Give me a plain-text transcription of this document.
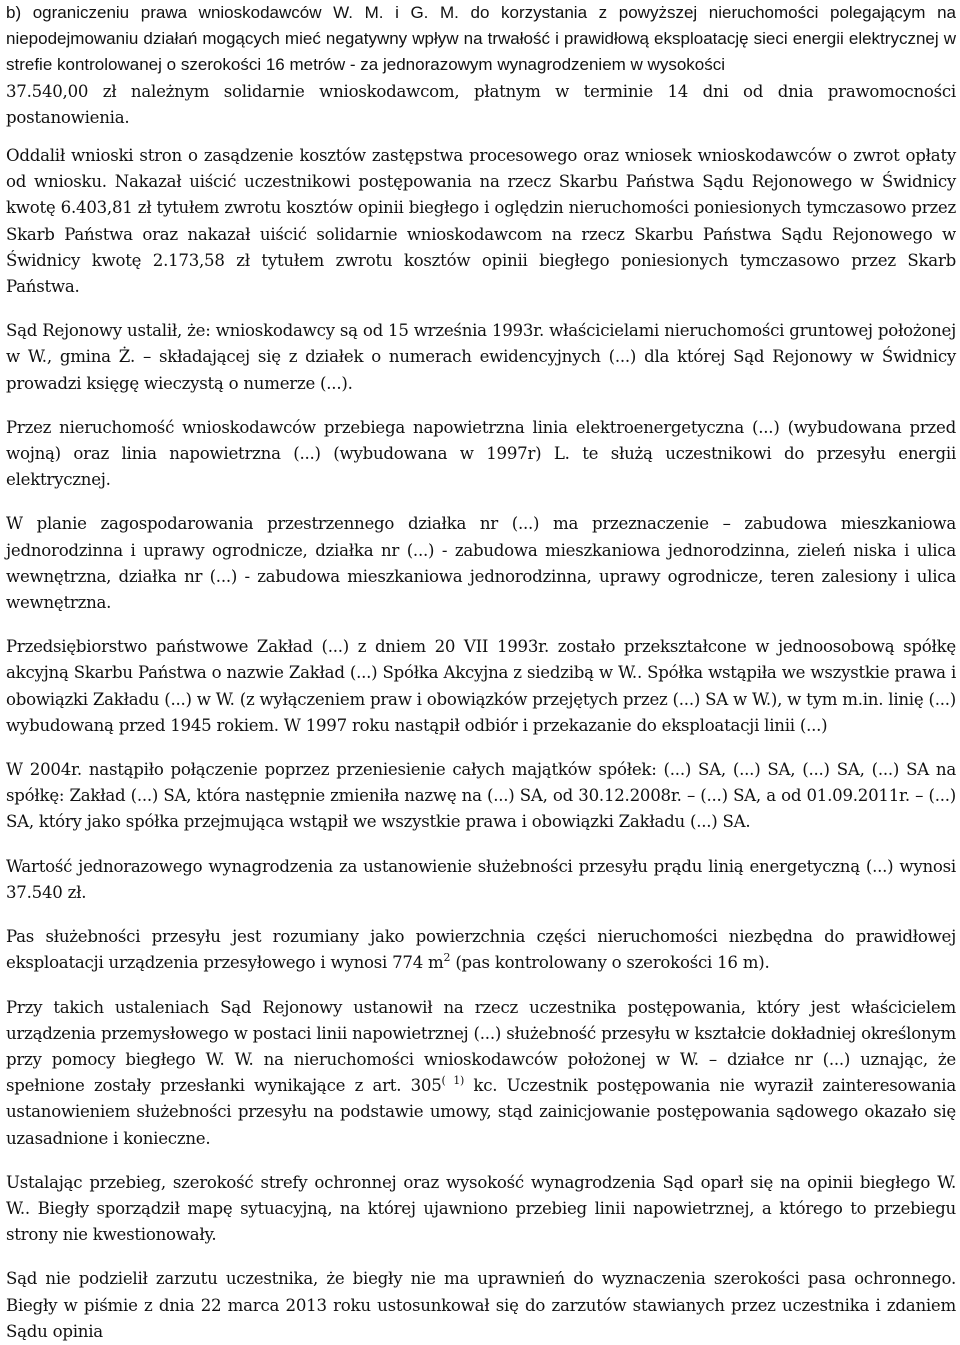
b) ograniczeniu prawa wnioskodawców W. M. i G. M. do korzystania z powyższej nieruchomości polegającym na niepodejmowaniu działań mogących mieć negatywny wpływ na trwałość i prawidłową eksploatację sieci energii elektrycznej w strefie kontrolowanej o szerokości 16 metrów - za jednorazowym wynagrodzeniem w wysokości

37.540,00 zł należnym solidarnie wnioskodawcom, płatnym w terminie 14 dni od dnia prawomocności postanowienia.

Oddalił wnioski stron o zasądzenie kosztów zastępstwa procesowego oraz wniosek wnioskodawców o zwrot opłaty od wniosku. Nakazał uiścić uczestnikowi postępowania na rzecz Skarbu Państwa Sądu Rejonowego w Świdnicy kwotę 6.403,81 zł tytułem zwrotu kosztów opinii biegłego i oględzin nieruchomości poniesionych tymczasowo przez Skarb Państwa oraz nakazał uiścić solidarnie wnioskodawcom na rzecz Skarbu Państwa Sądu Rejonowego w Świdnicy kwotę 2.173,58 zł tytułem zwrotu kosztów opinii biegłego poniesionych tymczasowo przez Skarb Państwa.

Sąd Rejonowy ustalił, że: wnioskodawcy są od 15 września 1993r. właścicielami nieruchomości gruntowej położonej w W., gmina Ż. – składającej się z działek o numerach ewidencyjnych (...) dla której Sąd Rejonowy w Świdnicy prowadzi księgę wieczystą o numerze (...).

Przez nieruchomość wnioskodawców przebiega napowietrzna linia elektroenergetyczna (...) (wybudowana przed wojną) oraz linia napowietrzna (...) (wybudowana w 1997r) L. te służą uczestnikowi do przesyłu energii elektrycznej.

W planie zagospodarowania przestrzennego działka nr (...) ma przeznaczenie – zabudowa mieszkaniowa jednorodzinna i uprawy ogrodnicze, działka nr (...) - zabudowa mieszkaniowa jednorodzinna, zieleń niska i ulica wewnętrzna, działka nr (...) - zabudowa mieszkaniowa jednorodzinna, uprawy ogrodnicze, teren zalesiony i ulica wewnętrzna.

Przedsiębiorstwo państwowe Zakład (...) z dniem 20 VII 1993r. zostało przekształcone w jednoosobową spółkę akcyjną Skarbu Państwa o nazwie Zakład (...) Spółka Akcyjna z siedzibą w W.. Spółka wstąpiła we wszystkie prawa i obowiązki Zakładu (...) w W. (z wyłączeniem praw i obowiązków przejętych przez (...) SA w W.), w tym m.in. linię (...) wybudowaną przed 1945 rokiem. W 1997 roku nastąpił odbiór i przekazanie do eksploatacji linii (...)

W 2004r. nastąpiło połączenie poprzez przeniesienie całych majątków spółek: (...) SA, (...) SA, (...) SA, (...) SA na spółkę: Zakład (...) SA, która następnie zmieniła nazwę na (...) SA, od 30.12.2008r. – (...) SA, a od 01.09.2011r. – (...) SA, który jako spółka przejmująca wstąpił we wszystkie prawa i obowiązki Zakładu (...) SA.

Wartość jednorazowego wynagrodzenia za ustanowienie służebności przesyłu prądu linią energetyczną (...) wynosi 37.540 zł.

Pas służebności przesyłu jest rozumiany jako powierzchnia części nieruchomości niezbędna do prawidłowej eksploatacji urządzenia przesyłowego i wynosi 774 $m^2$ (pas kontrolowany o szerokości 16 m).

Przy takich ustaleniach Sąd Rejonowy ustanowił na rzecz uczestnika postępowania, który jest właścicielem urządzenia przemysłowego w postaci linii napowietrznej (...) służebność przesyłu w kształcie dokładniej określonym przy pomocy biegłego W. W. na nieruchomości wnioskodawców położonej w W. – działce nr (...) uznając, że spełnione zostały przesłanki wynikające z art. $305^{( 1)}$ kc. Uczestnik postępowania nie wyraził zainteresowania ustanowieniem służebności przesyłu na podstawie umowy, stąd zainicjowanie postępowania sądowego okazało się uzasadnione i konieczne.

Ustalając przebieg, szerokość strefy ochronnej oraz wysokość wynagrodzenia Sąd oparł się na opinii biegłego W. W.. Biegły sporządził mapę sytuacyjną, na której ujawniono przebieg linii napowietrznej, a którego to przebiegu strony nie kwestionowały.

Sąd nie podzielił zarzutu uczestnika, że biegły nie ma uprawnień do wyznaczenia szerokości pasa ochronnego. Biegły w piśmie z dnia 22 marca 2013 roku ustosunkował się do zarzutów stawianych przez uczestnika i zdaniem Sądu opinia
